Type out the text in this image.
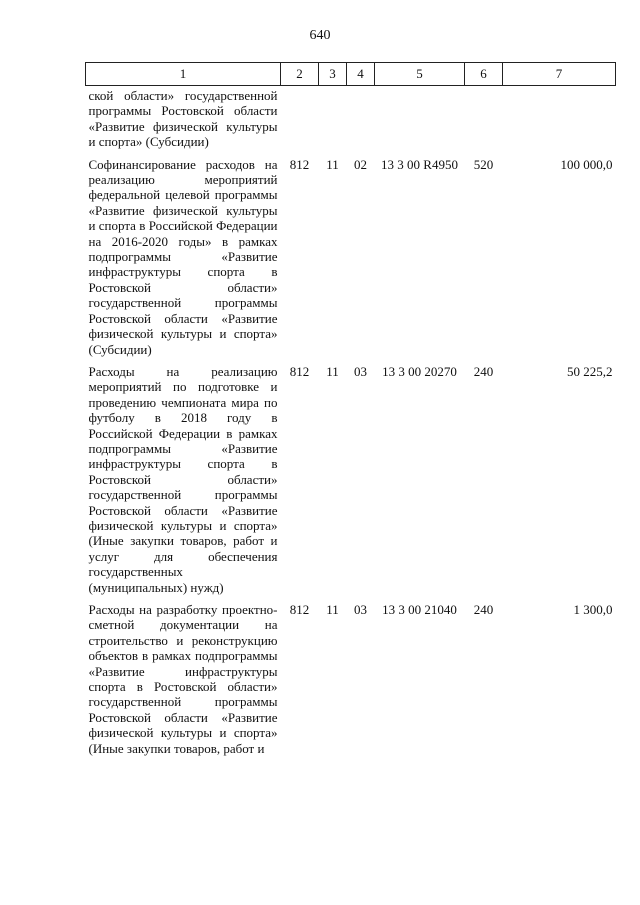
640
1	2	3	4	5	6	7
ской области» государственной программы Ростовской области «Развитие физической культуры и спорта» (Субсидии)						
Софинансирование расходов на реализацию мероприятий федеральной целевой программы «Развитие физической культуры и спорта в Российской Федерации на 2016-2020 годы» в рамках подпрограммы «Развитие инфраструктуры спорта в Ростовской области» государственной программы Ростовской области «Развитие физической культуры и спорта» (Субсидии)	812	11	02	13 3 00 R4950	520	100 000,0
Расходы на реализацию мероприятий по подготовке и проведению чемпионата мира по футболу в 2018 году в Российской Федерации в рамках подпрограммы «Развитие инфраструктуры спорта в Ростовской области» государственной программы Ростовской области «Развитие физической культуры и спорта» (Иные закупки товаров, работ и услуг для обеспечения государственных (муниципальных) нужд)	812	11	03	13 3 00 20270	240	50 225,2
Расходы на разработку проектно-сметной документации на строительство и реконструкцию объектов в рамках подпрограммы «Развитие инфраструктуры спорта в Ростовской области» государственной программы Ростовской области «Развитие физической культуры и спорта» (Иные закупки товаров, работ и	812	11	03	13 3 00 21040	240	1 300,0
